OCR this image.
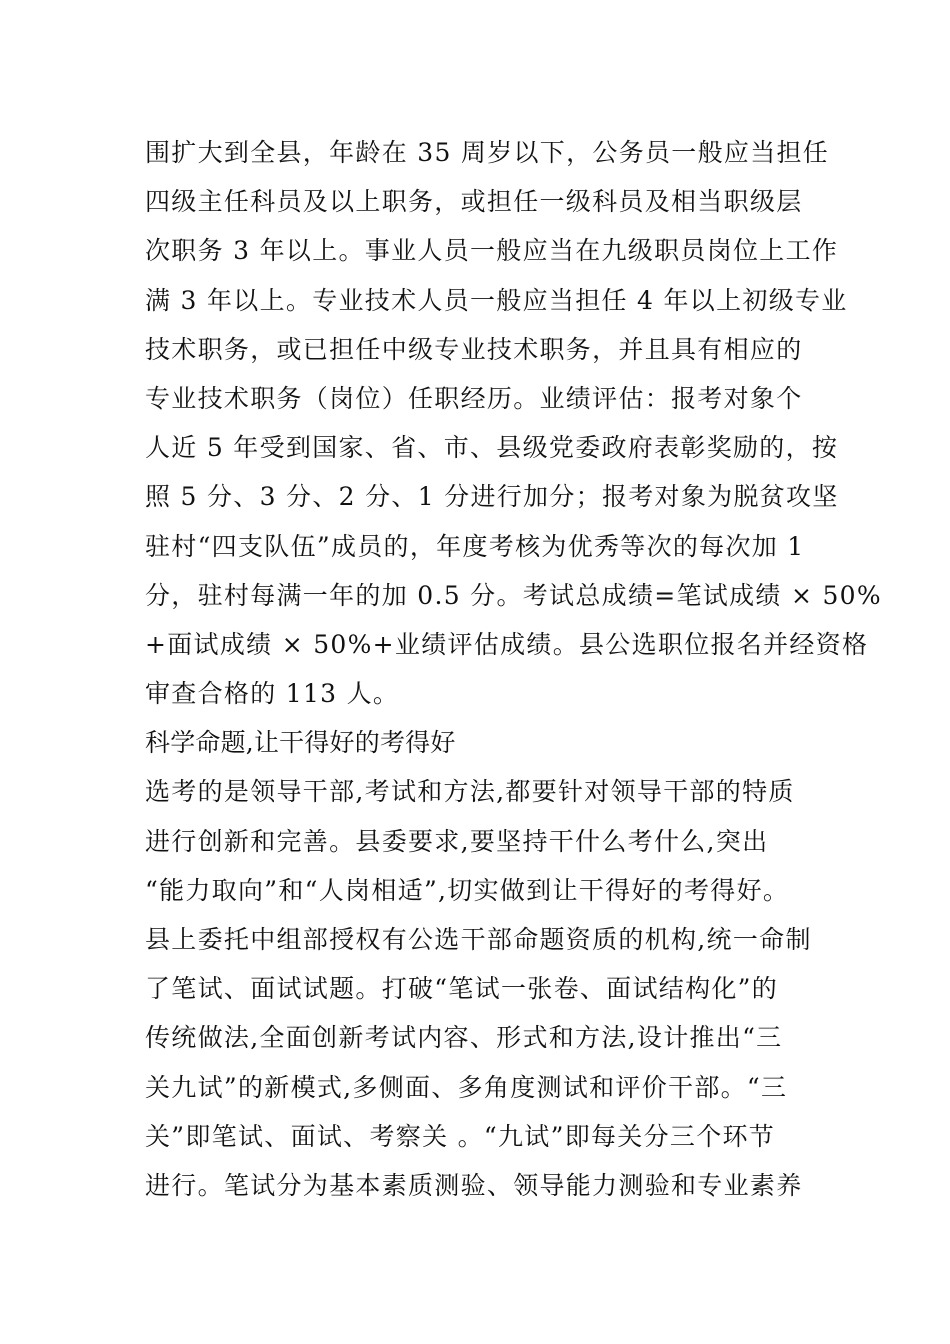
围扩大到全县，年龄在 35 周岁以下，公务员一般应当担任
四级主任科员及以上职务，或担任一级科员及相当职级层
次职务 3 年以上。事业人员一般应当在九级职员岗位上工作
满 3 年以上。专业技术人员一般应当担任 4 年以上初级专业
技术职务，或已担任中级专业技术职务，并且具有相应的
专业技术职务（岗位）任职经历。业绩评估：报考对象个
人近 5 年受到国家、省、市、县级党委政府表彰奖励的，按
照 5 分、3 分、2 分、1 分进行加分；报考对象为脱贫攻坚
驻村“四支队伍”成员的，年度考核为优秀等次的每次加 1
分，驻村每满一年的加 0.5 分。考试总成绩=笔试成绩 × 50%
+面试成绩 × 50%+业绩评估成绩。县公选职位报名并经资格
审查合格的 113 人。
科学命题,让干得好的考得好
选考的是领导干部,考试和方法,都要针对领导干部的特质
进行创新和完善。县委要求,要坚持干什么考什么,突出
“能力取向”和“人岗相适”,切实做到让干得好的考得好。
县上委托中组部授权有公选干部命题资质的机构,统一命制
了笔试、面试试题。打破“笔试一张卷、面试结构化”的
传统做法,全面创新考试内容、形式和方法,设计推出“三
关九试”的新模式,多侧面、多角度测试和评价干部。“三
关”即笔试、面试、考察关 。“九试”即每关分三个环节
进行。笔试分为基本素质测验、领导能力测验和专业素养
